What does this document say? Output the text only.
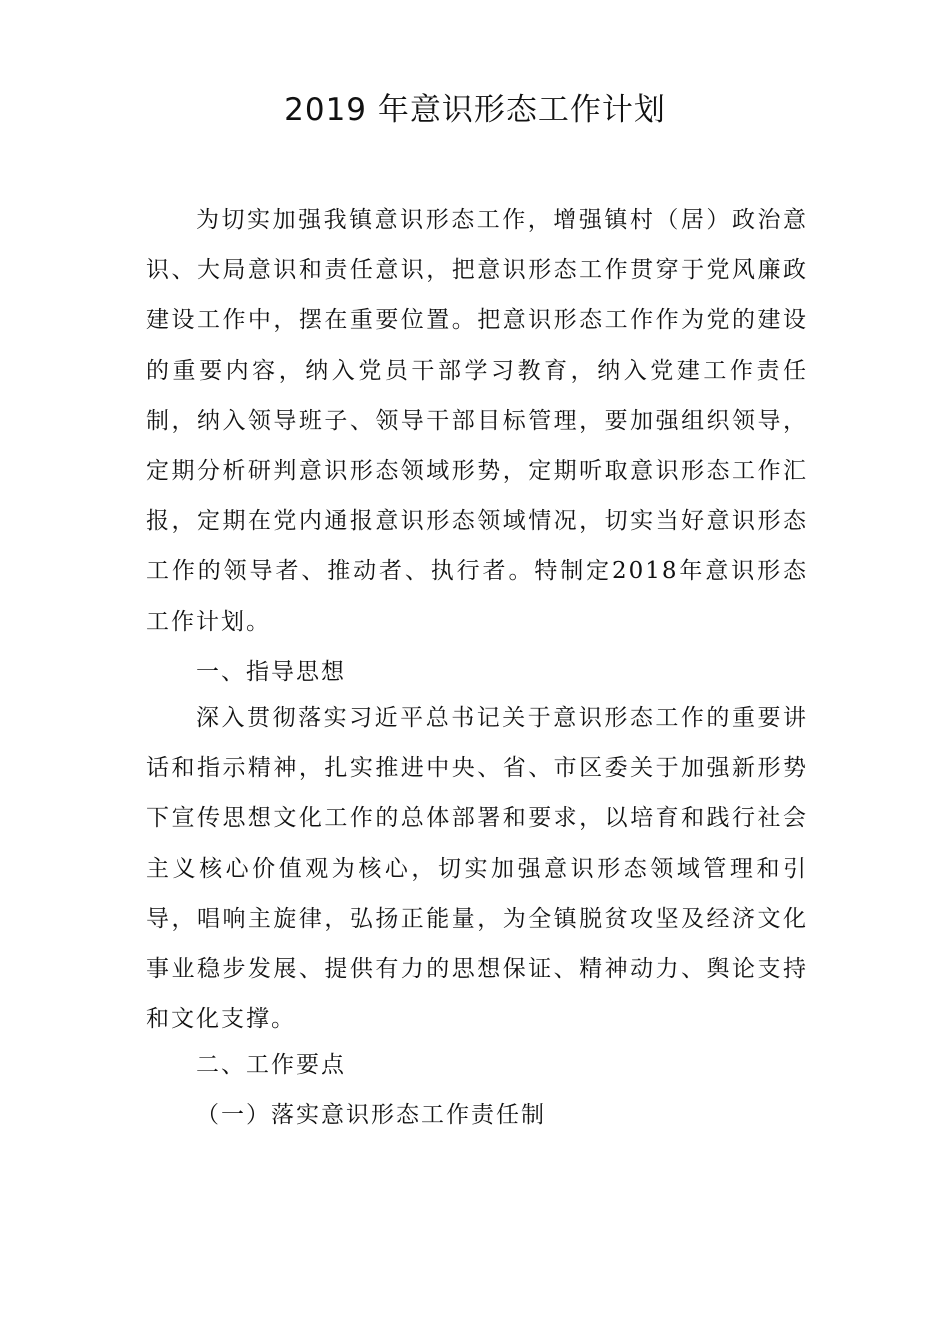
2019 年意识形态工作计划

为切实加强我镇意识形态工作，增强镇村（居）政治意识、大局意识和责任意识，把意识形态工作贯穿于党风廉政建设工作中，摆在重要位置。把意识形态工作作为党的建设的重要内容，纳入党员干部学习教育，纳入党建工作责任制，纳入领导班子、领导干部目标管理，要加强组织领导，定期分析研判意识形态领域形势，定期听取意识形态工作汇报，定期在党内通报意识形态领域情况，切实当好意识形态工作的领导者、推动者、执行者。特制定2018年意识形态工作计划。

一、指导思想

深入贯彻落实习近平总书记关于意识形态工作的重要讲话和指示精神，扎实推进中央、省、市区委关于加强新形势下宣传思想文化工作的总体部署和要求，以培育和践行社会主义核心价值观为核心，切实加强意识形态领域管理和引导，唱响主旋律，弘扬正能量，为全镇脱贫攻坚及经济文化事业稳步发展、提供有力的思想保证、精神动力、舆论支持和文化支撑。

二、工作要点

（一）落实意识形态工作责任制
